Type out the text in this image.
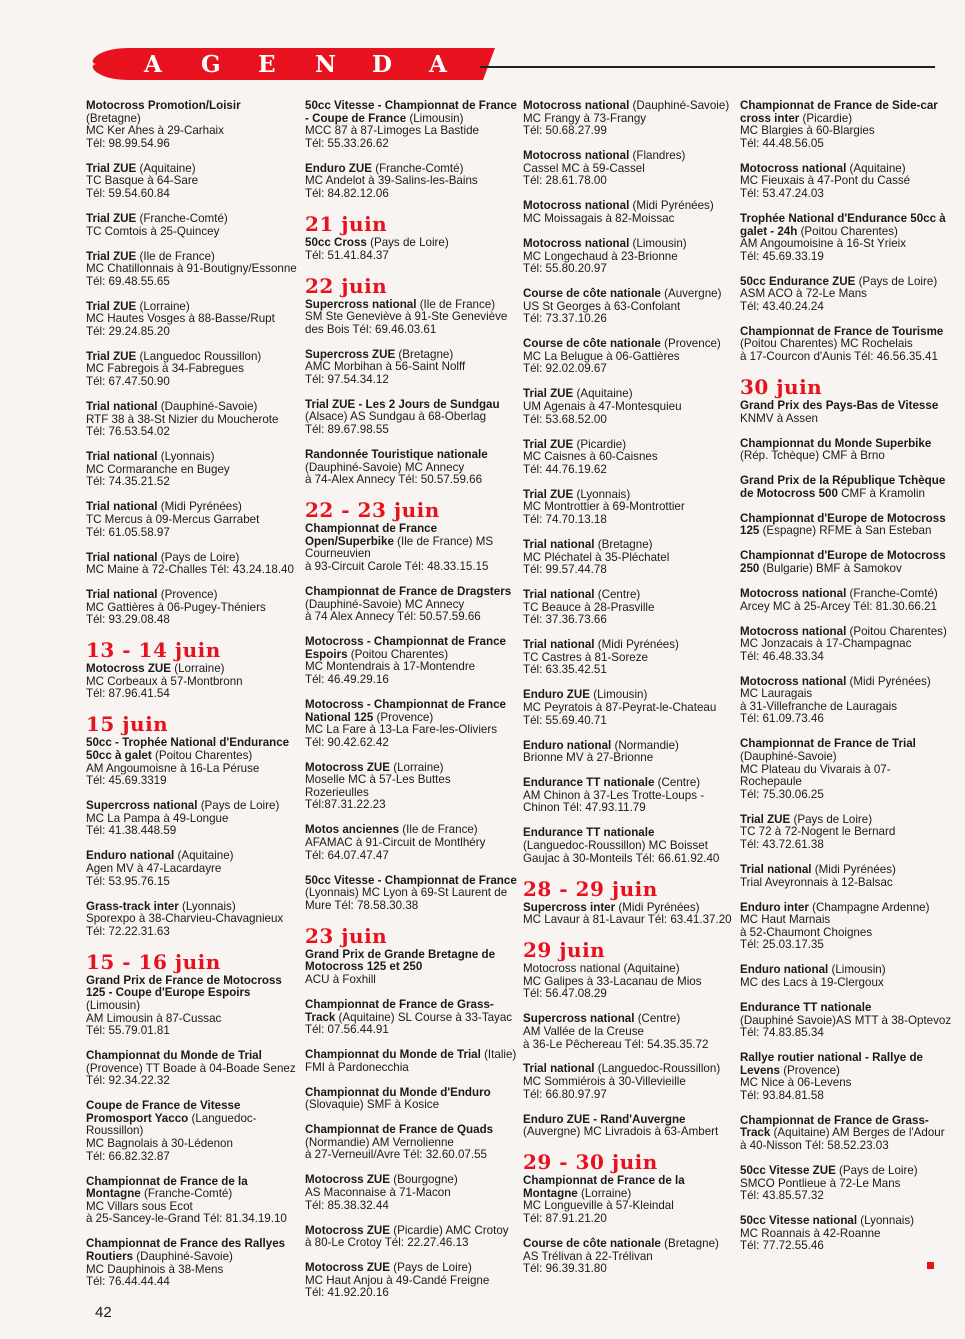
A G E N D A
Motocross Promotion/Loisir (Bretagne)
MC Ker Ahes à 29-Carhaix
Tél: 98.99.54.96
Trial ZUE (Aquitaine)
TC Basque à 64-Sare
Tél: 59.54.60.84
Trial ZUE (Franche-Comté)
TC Comtois à 25-Quincey
Trial ZUE (Ile de France)
MC Chatillonnais à 91-Boutigny/Essonne
Tél: 69.48.55.65
Trial ZUE (Lorraine)
MC Hautes Vosges à 88-Basse/Rupt
Tél: 29.24.85.20
Trial ZUE (Languedoc Roussillon)
MC Fabregois à 34-Fabregues
Tél: 67.47.50.90
Trial national (Dauphiné-Savoie)
RTF 38 à 38-St Nizier du Moucherote
Tél: 76.53.54.02
Trial national (Lyonnais)
MC Cormaranche en Bugey
Tél: 74.35.21.52
Trial national (Midi Pyrénées)
TC Mercus à 09-Mercus Garrabet
Tél: 61.05.58.97
Trial national (Pays de Loire)
MC Maine à 72-Challes Tél: 43.24.18.40
Trial national (Provence)
MC Gattières à 06-Pugey-Théniers
Tél: 93.29.08.48
13 - 14 juin
Motocross ZUE (Lorraine)
MC Corbeaux à 57-Montbronn
Tél: 87.96.41.54
15 juin
50cc - Trophée National d'Endurance 50cc à galet (Poitou Charentes)
AM Angoumoisne à 16-La Péruse
Tél: 45.69.3319
Supercross national (Pays de Loire)
MC La Pampa à 49-Longue
Tél: 41.38.448.59
Enduro national (Aquitaine)
Agen MV à 47-Lacardayre
Tél: 53.95.76.15
Grass-track inter (Lyonnais)
Sporexpo à 38-Charvieu-Chavagnieux
Tél: 72.22.31.63
15 - 16 juin
Grand Prix de France de Motocross 125 - Coupe d'Europe Espoirs (Limousin)
AM Limousin à 87-Cussac
Tél: 55.79.01.81
Championnat du Monde de Trial (Provence) TT Boade à 04-Boade Senez
Tél: 92.34.22.32
Coupe de France de Vitesse Promosport Yacco (Languedoc-Roussillon)
MC Bagnolais à 30-Lédenon
Tél: 66.82.32.87
Championnat de France de la Montagne (Franche-Comté)
MC Villars sous Ecot
à 25-Sancey-le-Grand Tél: 81.34.19.10
Championnat de France des Rallyes Routiers (Dauphiné-Savoie)
MC Dauphinois à 38-Mens
Tél: 76.44.44.44
50cc Vitesse - Championnat de France - Coupe de France (Limousin)
MCC 87 à 87-Limoges La Bastide
Tél: 55.33.26.62
Enduro ZUE (Franche-Comté)
MC Andelot à 39-Salins-les-Bains
Tél: 84.82.12.06
21 juin
50cc Cross (Pays de Loire)
Tél: 51.41.84.37
22 juin
Supercross national (Ile de France)
SM Ste Geneviève à 91-Ste Geneviève
des Bois Tél: 69.46.03.61
Supercross ZUE (Bretagne)
AMC Morbihan à 56-Saint Nolff
Tél: 97.54.34.12
Trial ZUE - Les 2 Jours de Sundgau (Alsace) AS Sundgau à 68-Oberlag
Tél: 89.67.98.55
Randonnée Touristique nationale (Dauphiné-Savoie) MC Annecy
à 74-Alex Annecy Tél: 50.57.59.66
22 - 23 juin
Championnat de France Open/Superbike (Ile de France) MS Courneuvien
à 93-Circuit Carole Tél: 48.33.15.15
Championnat de France de Dragsters (Dauphiné-Savoie) MC Annecy
à 74 Alex Annecy Tél: 50.57.59.66
Motocross - Championnat de France Espoirs (Poitou Charentes)
MC Montendrais à 17-Montendre
Tél: 46.49.29.16
Motocross - Championnat de France National 125 (Provence)
MC La Fare à 13-La Fare-les-Oliviers
Tél: 90.42.62.42
Motocross ZUE (Lorraine)
Moselle MC à 57-Les Buttes Rozerieulles
Tél:87.31.22.23
Motos anciennes (Ile de France)
AFAMAC à 91-Circuit de Montlhéry
Tél: 64.07.47.47
50cc Vitesse - Championnat de France (Lyonnais) MC Lyon à 69-St Laurent de Mure Tél: 78.58.30.38
23 juin
Grand Prix de Grande Bretagne de Motocross 125 et 250
ACU à Foxhill
Championnat de France de Grass-Track (Aquitaine) SL Course à 33-Tayac
Tél: 07.56.44.91
Championnat du Monde de Trial (Italie)
FMI à Pardonecchia
Championnat du Monde d'Enduro
(Slovaquie) SMF à Kosice
Championnat de France de Quads
(Normandie) AM Vernolienne
à 27-Verneuil/Avre Tél: 32.60.07.55
Motocross ZUE (Bourgogne)
AS Maconnaise à 71-Macon
Tél: 85.38.32.44
Motocross ZUE (Picardie) AMC Crotoy
à 80-Le Crotoy Tél: 22.27.46.13
Motocross ZUE (Pays de Loire)
MC Haut Anjou à 49-Candé Freigne
Tél: 41.92.20.16
Motocross national (Dauphiné-Savoie)
MC Frangy à 73-Frangy
Tél: 50.68.27.99
Motocross national (Flandres)
Cassel MC à 59-Cassel
Tél: 28.61.78.00
Motocross national (Midi Pyrénées)
MC Moissagais à 82-Moissac
Motocross national (Limousin)
MC Longechaud à 23-Brionne
Tél: 55.80.20.97
Course de côte nationale (Auvergne)
US St Georges à 63-Confolant
Tél: 73.37.10.26
Course de côte nationale (Provence)
MC La Belugue à 06-Gattières
Tél: 92.02.09.67
Trial ZUE (Aquitaine)
UM Agenais à 47-Montesquieu
Tél: 53.68.52.00
Trial ZUE (Picardie)
MC Caisnes à 60-Caisnes
Tél: 44.76.19.62
Trial ZUE (Lyonnais)
MC Montrottier à 69-Montrottier
Tél: 74.70.13.18
Trial national (Bretagne)
MC Pléchatel à 35-Pléchatel
Tél: 99.57.44.78
Trial national (Centre)
TC Beauce à 28-Prasville
Tél: 37.36.73.66
Trial national (Midi Pyrénées)
TC Castres à 81-Soreze
Tél: 63.35.42.51
Enduro ZUE (Limousin)
MC Peyratois à 87-Peyrat-le-Chateau
Tél: 55.69.40.71
Enduro national (Normandie)
Brionne MV à 27-Brionne
Endurance TT nationale (Centre)
AM Chinon à 37-Les Trotte-Loups -
Chinon Tél: 47.93.11.79
Endurance TT nationale
(Languedoc-Roussillon) MC Boisset
Gaujac à 30-Monteils Tél: 66.61.92.40
28 - 29 juin
Supercross inter (Midi Pyrénées)
MC Lavaur à 81-Lavaur Tél: 63.41.37.20
29 juin
Motocross national (Aquitaine)
MC Galipes à 33-Lacanau de Mios
Tél: 56.47.08.29
Supercross national (Centre)
AM Vallée de la Creuse
à 36-Le Pêchereau Tél: 54.35.35.72
Trial national (Languedoc-Roussillon)
MC Sommiérois à 30-Villevieille
Tél: 66.80.97.97
Enduro ZUE - Rand'Auvergne
(Auvergne) MC Livradois à 63-Ambert
29 - 30 juin
Championnat de France de la Montagne (Lorraine)
MC Longueville à 57-Kleindal
Tél: 87.91.21.20
Course de côte nationale (Bretagne)
AS Trélivan à 22-Trélivan
Tél: 96.39.31.80
Championnat de France de Side-car cross inter (Picardie)
MC Blargies à 60-Blargies
Tél: 44.48.56.05
Motocross national (Aquitaine)
MC Fieuxais à 47-Pont du Cassé
Tél: 53.47.24.03
Trophée National d'Endurance 50cc à galet - 24h (Poitou Charentes)
AM Angoumoisine à 16-St Yrieix
Tél: 45.69.33.19
50cc Endurance ZUE (Pays de Loire)
ASM ACO à 72-Le Mans
Tél: 43.40.24.24
Championnat de France de Tourisme
(Poitou Charentes) MC Rochelais
à 17-Courcon d'Aunis Tél: 46.56.35.41
30 juin
Grand Prix des Pays-Bas de Vitesse
KNMV à Assen
Championnat du Monde Superbike
(Rép. Tchèque) CMF à Brno
Grand Prix de la République Tchèque de Motocross 500 CMF à Kramolin
Championnat d'Europe de Motocross 125 (Espagne) RFME à San Esteban
Championnat d'Europe de Motocross 250 (Bulgarie) BMF à Samokov
Motocross national (Franche-Comté)
Arcey MC à 25-Arcey Tél: 81.30.66.21
Motocross national (Poitou Charentes)
MC Jonzacais à 17-Champagnac
Tél: 46.48.33.34
Motocross national (Midi Pyrénées)
MC Lauragais
à 31-Villefranche de Lauragais
Tél: 61.09.73.46
Championnat de France de Trial
(Dauphiné-Savoie)
MC Plateau du Vivarais à 07-Rochepaule
Tél: 75.30.06.25
Trial ZUE (Pays de Loire)
TC 72 à 72-Nogent le Bernard
Tél: 43.72.61.38
Trial national (Midi Pyrénées)
Trial Aveyronnais à 12-Balsac
Enduro inter (Champagne Ardenne)
MC Haut Marnais
à 52-Chaumont Choignes
Tél: 25.03.17.35
Enduro national (Limousin)
MC des Lacs à 19-Clergoux
Endurance TT nationale
(Dauphiné Savoie)AS MTT à 38-Optevoz
Tél: 74.83.85.34
Rallye routier national - Rallye de Levens (Provence)
MC Nice à 06-Levens
Tél: 93.84.81.58
Championnat de France de Grass-Track (Aquitaine) AM Berges de l'Adour
à 40-Nisson Tél: 58.52.23.03
50cc Vitesse ZUE (Pays de Loire)
SMCO Pontlieue à 72-Le Mans
Tél: 43.85.57.32
50cc Vitesse national (Lyonnais)
MC Roannais à 42-Roanne
Tél: 77.72.55.46
42
